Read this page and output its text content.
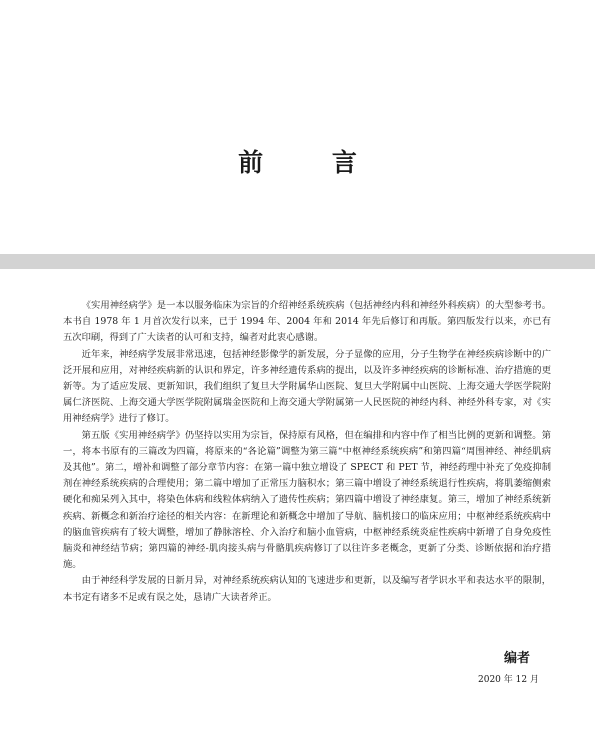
前 言

《实用神经病学》是一本以服务临床为宗旨的介绍神经系统疾病（包括神经内科和神经外科疾病）的大型参考书。本书自 1978 年 1 月首次发行以来，已于 1994 年、2004 年和 2014 年先后修订和再版。第四版发行以来，亦已有五次印刷，得到了广大读者的认可和支持，编者对此衷心感谢。

近年来，神经病学发展非常迅速，包括神经影像学的新发展，分子显像的应用，分子生物学在神经疾病诊断中的广泛开展和应用，对神经疾病新的认识和界定，许多神经遗传系病的提出，以及许多神经疾病的诊断标准、治疗措施的更新等。为了适应发展、更新知识，我们组织了复旦大学附属华山医院、复旦大学附属中山医院、上海交通大学医学院附属仁济医院、上海交通大学医学院附属瑞金医院和上海交通大学附属第一人民医院的神经内科、神经外科专家，对《实用神经病学》进行了修订。

第五版《实用神经病学》仍坚持以实用为宗旨，保持原有风格，但在编排和内容中作了相当比例的更新和调整。第一，将本书原有的三篇改为四篇，将原来的“各论篇”调整为第三篇“中枢神经系统疾病”和第四篇“周围神经、神经肌病及其他”。第二，增补和调整了部分章节内容：在第一篇中独立增设了 SPECT 和 PET 节，神经药理中补充了免疫抑制剂在神经系统疾病的合理使用；第二篇中增加了正常压力脑积水；第三篇中增设了神经系统退行性疾病，将肌萎缩侧索硬化和痴呆列入其中，将染色体病和线粒体病纳入了遗传性疾病；第四篇中增设了神经康复。第三，增加了神经系统新疾病、新概念和新治疗途径的相关内容：在新理论和新概念中增加了导航、脑机接口的临床应用；中枢神经系统疾病中的脑血管疾病有了较大调整，增加了静脉溶栓、介入治疗和脑小血管病，中枢神经系统炎症性疾病中新增了自身免疫性脑炎和神经结节病；第四篇的神经-肌肉接头病与骨骼肌疾病修订了以往许多老概念，更新了分类、诊断依据和治疗措施。

由于神经科学发展的日新月异，对神经系统疾病认知的飞速进步和更新，以及编写者学识水平和表达水平的限制，本书定有诸多不足或有误之处，恳请广大读者斧正。

编者
2020 年 12 月
